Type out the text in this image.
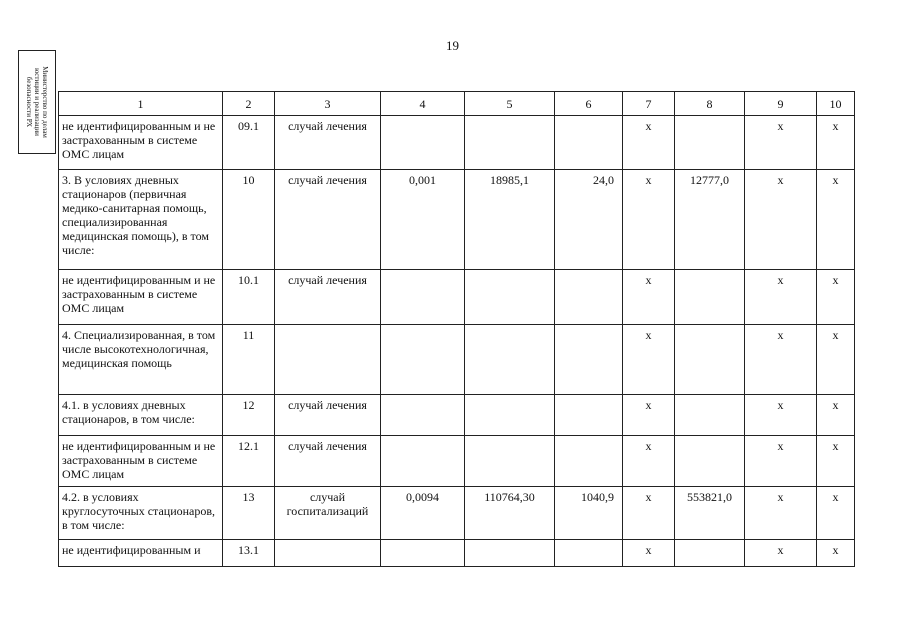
19
Министерство по делам
юстиции и реализации
безопасности РХ	1	2	3	4	5	6	7	8	9	10
не идентифицированным и не застрахованным в системе ОМС лицам	09.1	случай лечения				x		x	x
3. В условиях дневных стационаров (первичная медико-санитарная помощь, специализированная медицинская помощь), в том числе:	10	случай лечения	0,001	18985,1	24,0	x	12777,0	x	x
не идентифицированным и не застрахованным в системе ОМС лицам	10.1	случай лечения				x		x	x
4. Специализированная, в том числе высокотехнологичная, медицинская помощь	11					x		x	x
4.1. в условиях дневных стационаров, в том числе:	12	случай лечения				x		x	x
не идентифицированным и не застрахованным в системе ОМС лицам	12.1	случай лечения				x		x	x
4.2. в условиях круглосуточных стационаров, в том числе:	13	случай госпитализаций	0,0094	110764,30	1040,9	x	553821,0	x	x
не идентифицированным и	13.1					x		x	x
